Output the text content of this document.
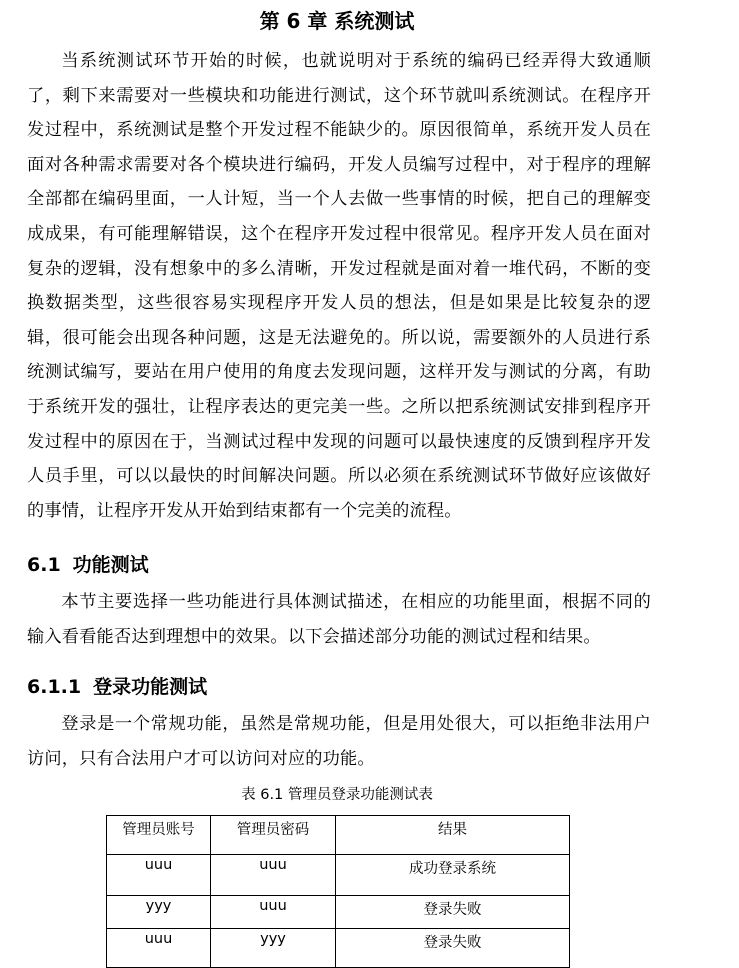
第 6 章 系统测试

当系统测试环节开始的时候，也就说明对于系统的编码已经弄得大致通顺了，剩下来需要对一些模块和功能进行测试，这个环节就叫系统测试。在程序开发过程中，系统测试是整个开发过程不能缺少的。原因很简单，系统开发人员在面对各种需求需要对各个模块进行编码，开发人员编写过程中，对于程序的理解全部都在编码里面，一人计短，当一个人去做一些事情的时候，把自己的理解变成成果，有可能理解错误，这个在程序开发过程中很常见。程序开发人员在面对复杂的逻辑，没有想象中的多么清晰，开发过程就是面对着一堆代码，不断的变换数据类型，这些很容易实现程序开发人员的想法，但是如果是比较复杂的逻辑，很可能会出现各种问题，这是无法避免的。所以说，需要额外的人员进行系统测试编写，要站在用户使用的角度去发现问题，这样开发与测试的分离，有助于系统开发的强壮，让程序表达的更完美一些。之所以把系统测试安排到程序开发过程中的原因在于，当测试过程中发现的问题可以最快速度的反馈到程序开发人员手里，可以以最快的时间解决问题。所以必须在系统测试环节做好应该做好的事情，让程序开发从开始到结束都有一个完美的流程。

6.1 功能测试

本节主要选择一些功能进行具体测试描述，在相应的功能里面，根据不同的输入看看能否达到理想中的效果。以下会描述部分功能的测试过程和结果。

6.1.1 登录功能测试

登录是一个常规功能，虽然是常规功能，但是用处很大，可以拒绝非法用户访问，只有合法用户才可以访问对应的功能。

表 6.1 管理员登录功能测试表
管理员账号	管理员密码	结果
uuu	uuu	成功登录系统
yyy	uuu	登录失败
uuu	yyy	登录失败
